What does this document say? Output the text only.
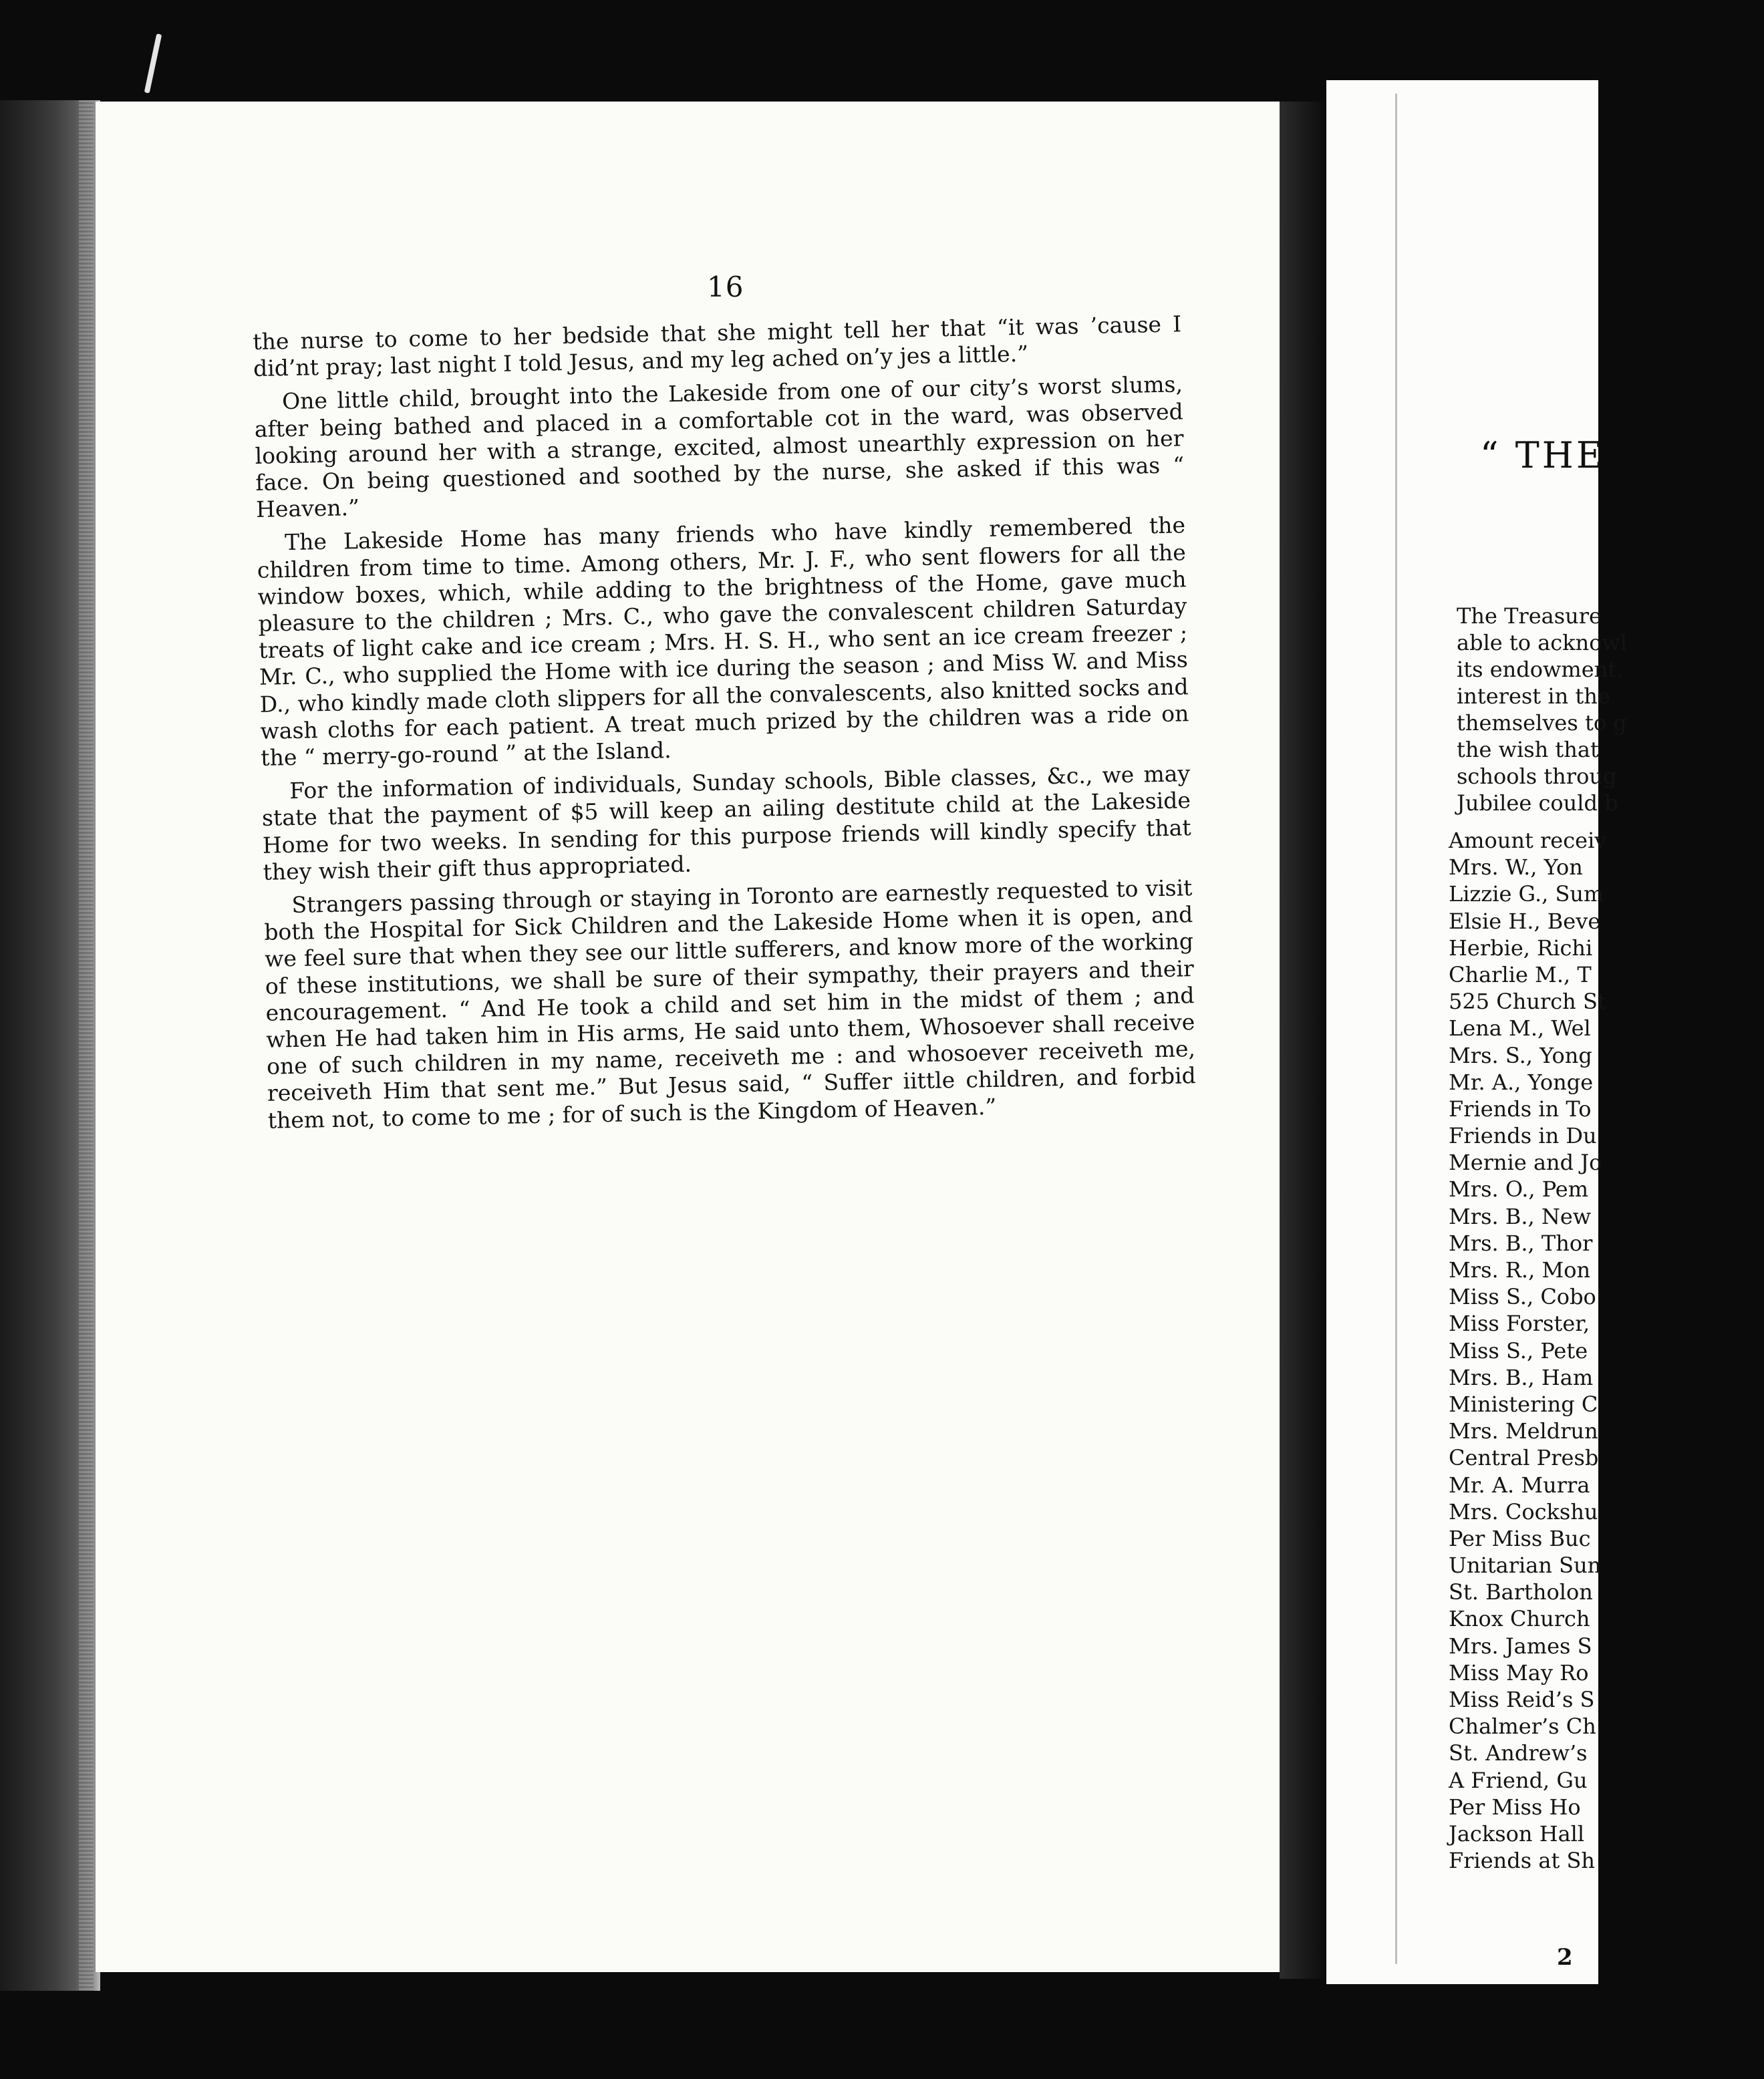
16

the nurse to come to her bedside that she might tell her that “it was ’cause I did’nt pray; last night I told Jesus, and my leg ached on’y jes a little.”

One little child, brought into the Lakeside from one of our city’s worst slums, after being bathed and placed in a comfortable cot in the ward, was observed looking around her with a strange, excited, almost unearthly expression on her face. On being questioned and soothed by the nurse, she asked if this was “ Heaven.”

The Lakeside Home has many friends who have kindly remembered the children from time to time. Among others, Mr. J. F., who sent flowers for all the window boxes, which, while adding to the brightness of the Home, gave much pleasure to the children ; Mrs. C., who gave the convalescent children Saturday treats of light cake and ice cream ; Mrs. H. S. H., who sent an ice cream freezer ; Mr. C., who supplied the Home with ice during the season ; and Miss W. and Miss D., who kindly made cloth slippers for all the convalescents, also knitted socks and wash cloths for each patient. A treat much prized by the children was a ride on the “ merry-go-round ” at the Island.

For the information of individuals, Sunday schools, Bible classes, &c., we may state that the payment of $5 will keep an ailing destitute child at the Lakeside Home for two weeks. In sending for this purpose friends will kindly specify that they wish their gift thus appropriated.

Strangers passing through or staying in Toronto are earnestly requested to visit both the Hospital for Sick Children and the Lakeside Home when it is open, and we feel sure that when they see our little sufferers, and know more of the working of these institutions, we shall be sure of their sympathy, their prayers and their encouragement. “ And He took a child and set him in the midst of them ; and when He had taken him in His arms, He said unto them, Whosoever shall receive one of such children in my name, receiveth me : and whosoever receiveth me, receiveth Him that sent me.” But Jesus said, “ Suffer iittle children, and forbid them not, to come to me ; for of such is the Kingdom of Heaven.”

“ THE
The Treasure
able to acknowl
its endowment.
interest in the
themselves to g
the wish that
schools throug
Jubilee could b
Amount receiv
Mrs. W., Yon
Lizzie G., Sum
Elsie H., Beve
Herbie, Richi
Charlie M., T
525 Church St
Lena M., Wel
Mrs. S., Yong
Mr. A., Yonge
Friends in To
Friends in Du
Mernie and Jo
Mrs. O., Pem
Mrs. B., New
Mrs. B., Thor
Mrs. R., Mon
Miss S., Cobo
Miss Forster,
Miss S., Pete
Mrs. B., Ham
Ministering C
Mrs. Meldrun
Central Presb
Mr. A. Murra
Mrs. Cockshu
Per Miss Buc
Unitarian Sun
St. Bartholon
Knox Church
Mrs. James S
Miss May Ro
Miss Reid’s S
Chalmer’s Ch
St. Andrew’s
A Friend, Gu
Per Miss Ho
Jackson Hall
Friends at Sh
2
